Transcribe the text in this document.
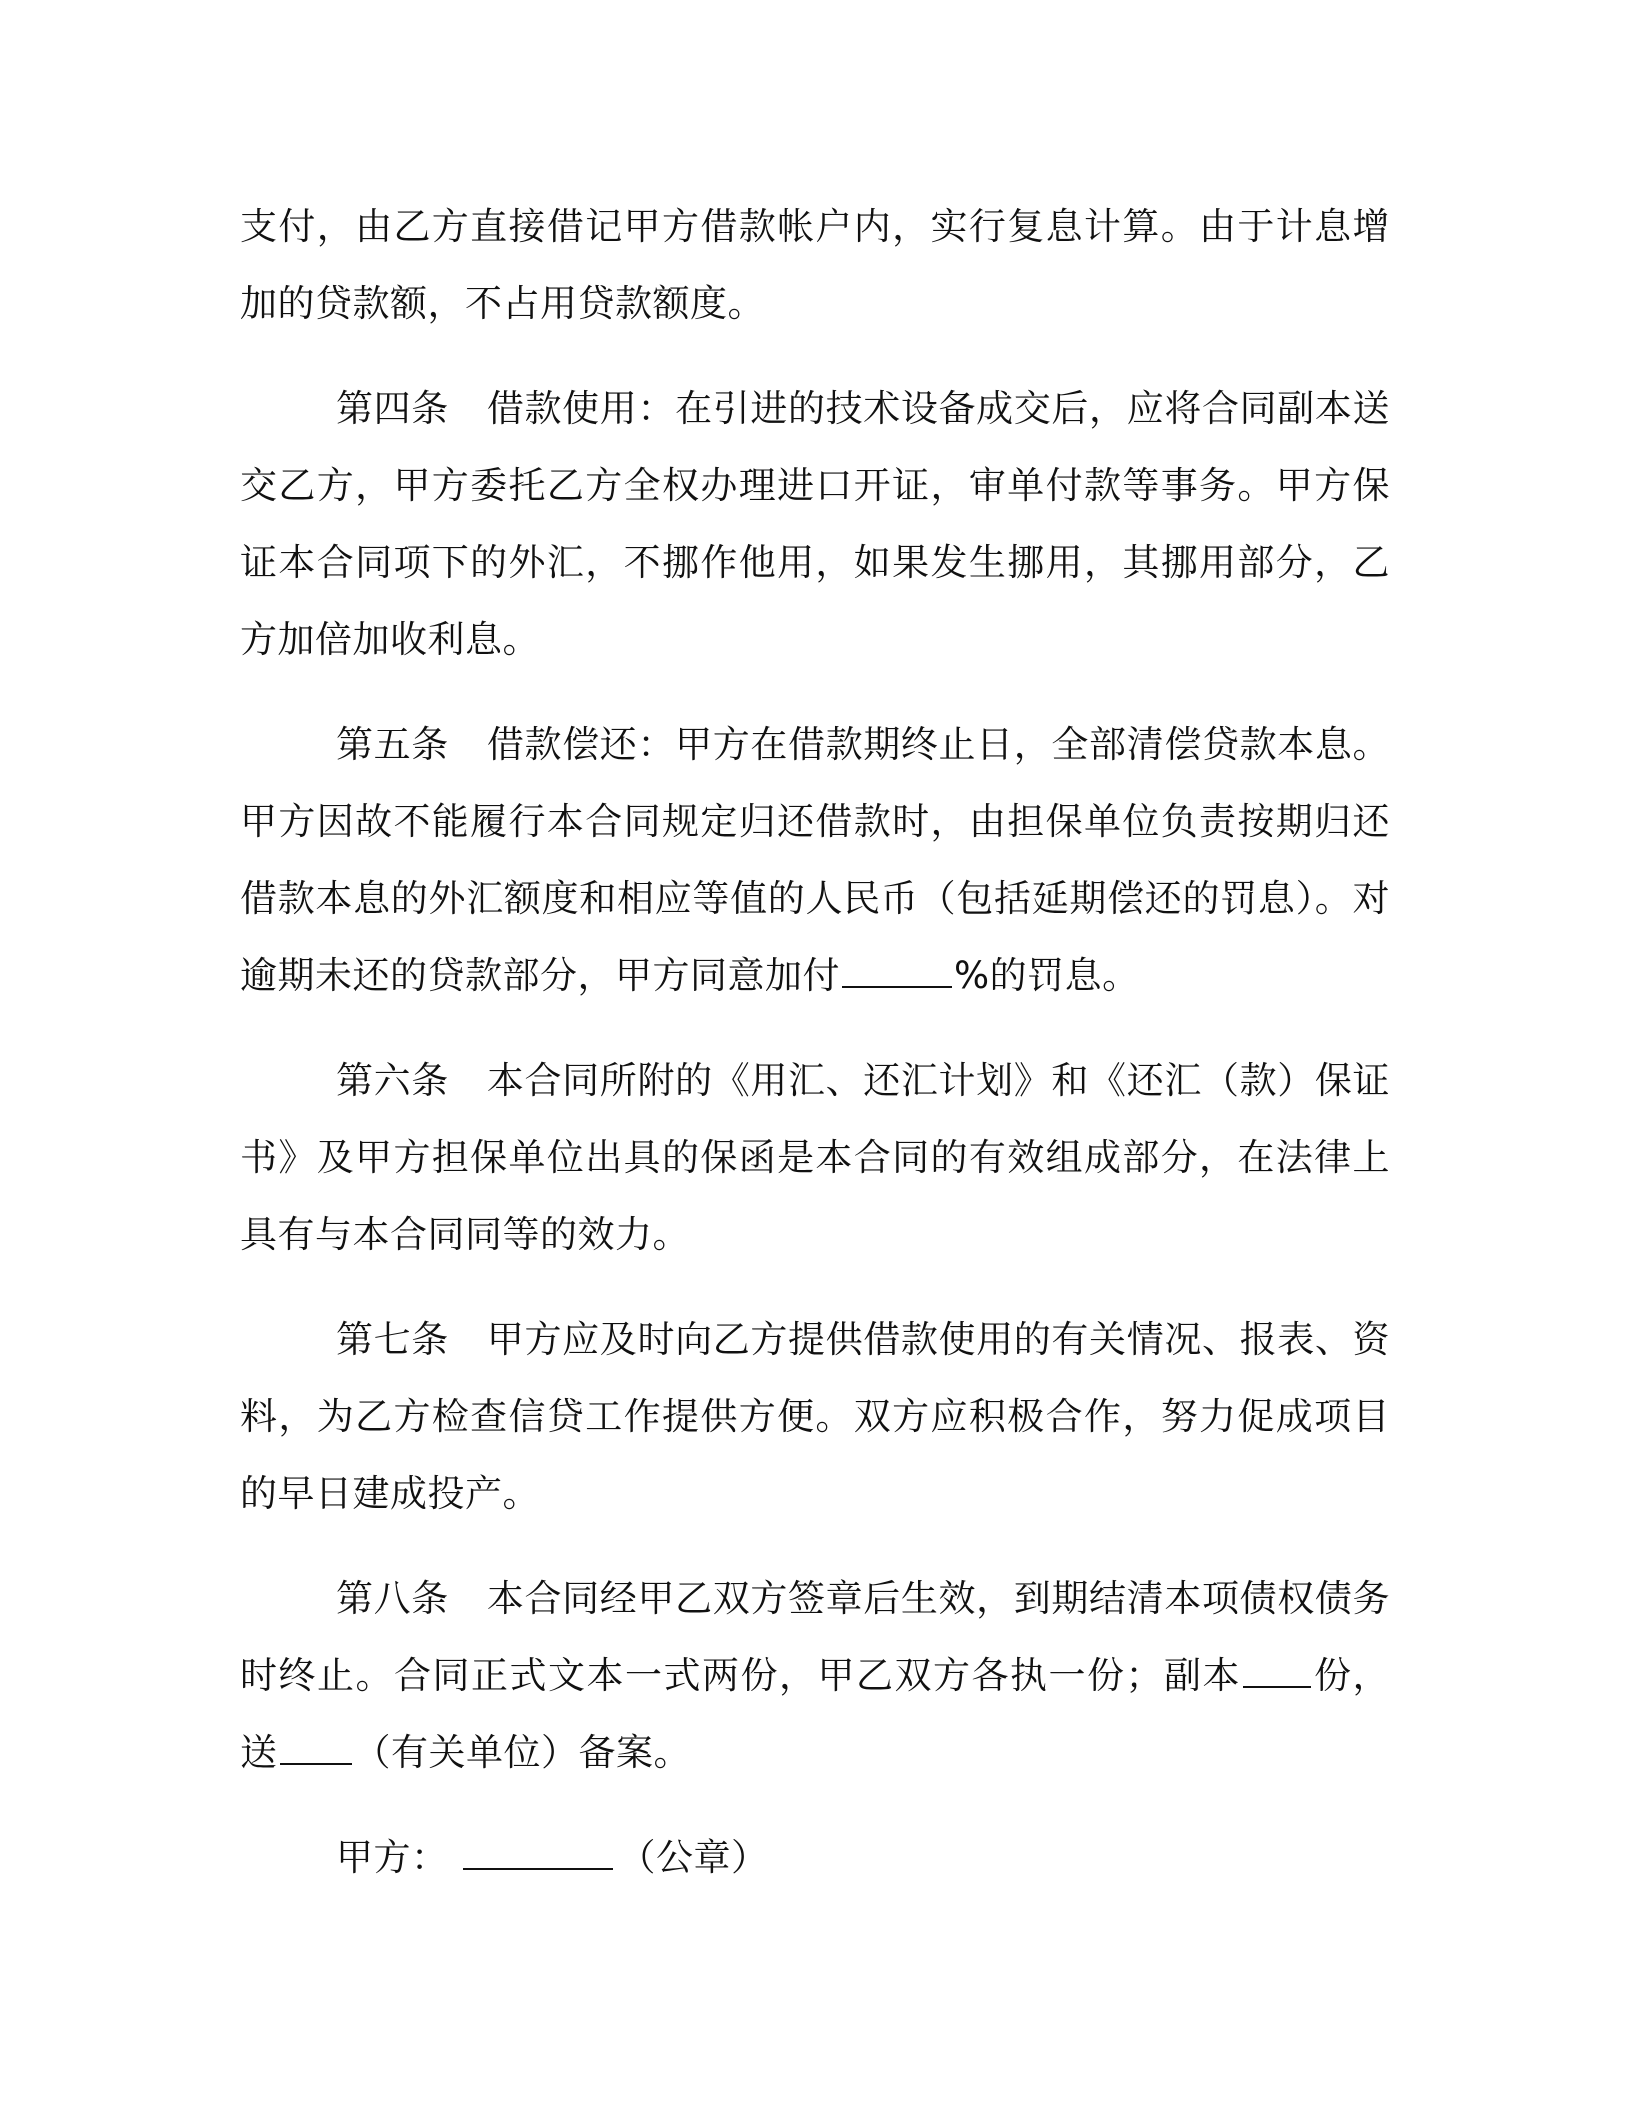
支付，由乙方直接借记甲方借款帐户内，实行复息计算。由于计息增加的贷款额，不占用贷款额度。

第四条 借款使用：在引进的技术设备成交后，应将合同副本送交乙方，甲方委托乙方全权办理进口开证，审单付款等事务。甲方保证本合同项下的外汇，不挪作他用，如果发生挪用，其挪用部分，乙方加倍加收利息。

第五条 借款偿还：甲方在借款期终止日，全部清偿贷款本息。甲方因故不能履行本合同规定归还借款时，由担保单位负责按期归还借款本息的外汇额度和相应等值的人民币（包括延期偿还的罚息）。对逾期未还的贷款部分，甲方同意加付	%的罚息。

第六条 本合同所附的《用汇、还汇计划》和《还汇（款）保证书》及甲方担保单位出具的保函是本合同的有效组成部分，在法律上具有与本合同同等的效力。

第七条 甲方应及时向乙方提供借款使用的有关情况、报表、资料，为乙方检查信贷工作提供方便。双方应积极合作，努力促成项目的早日建成投产。

第八条 本合同经甲乙双方签章后生效，到期结清本项债权债务时终止。合同正式文本一式两份，甲乙双方各执一份；副本 份，送 （有关单位）备案。

甲方：	（公章）
